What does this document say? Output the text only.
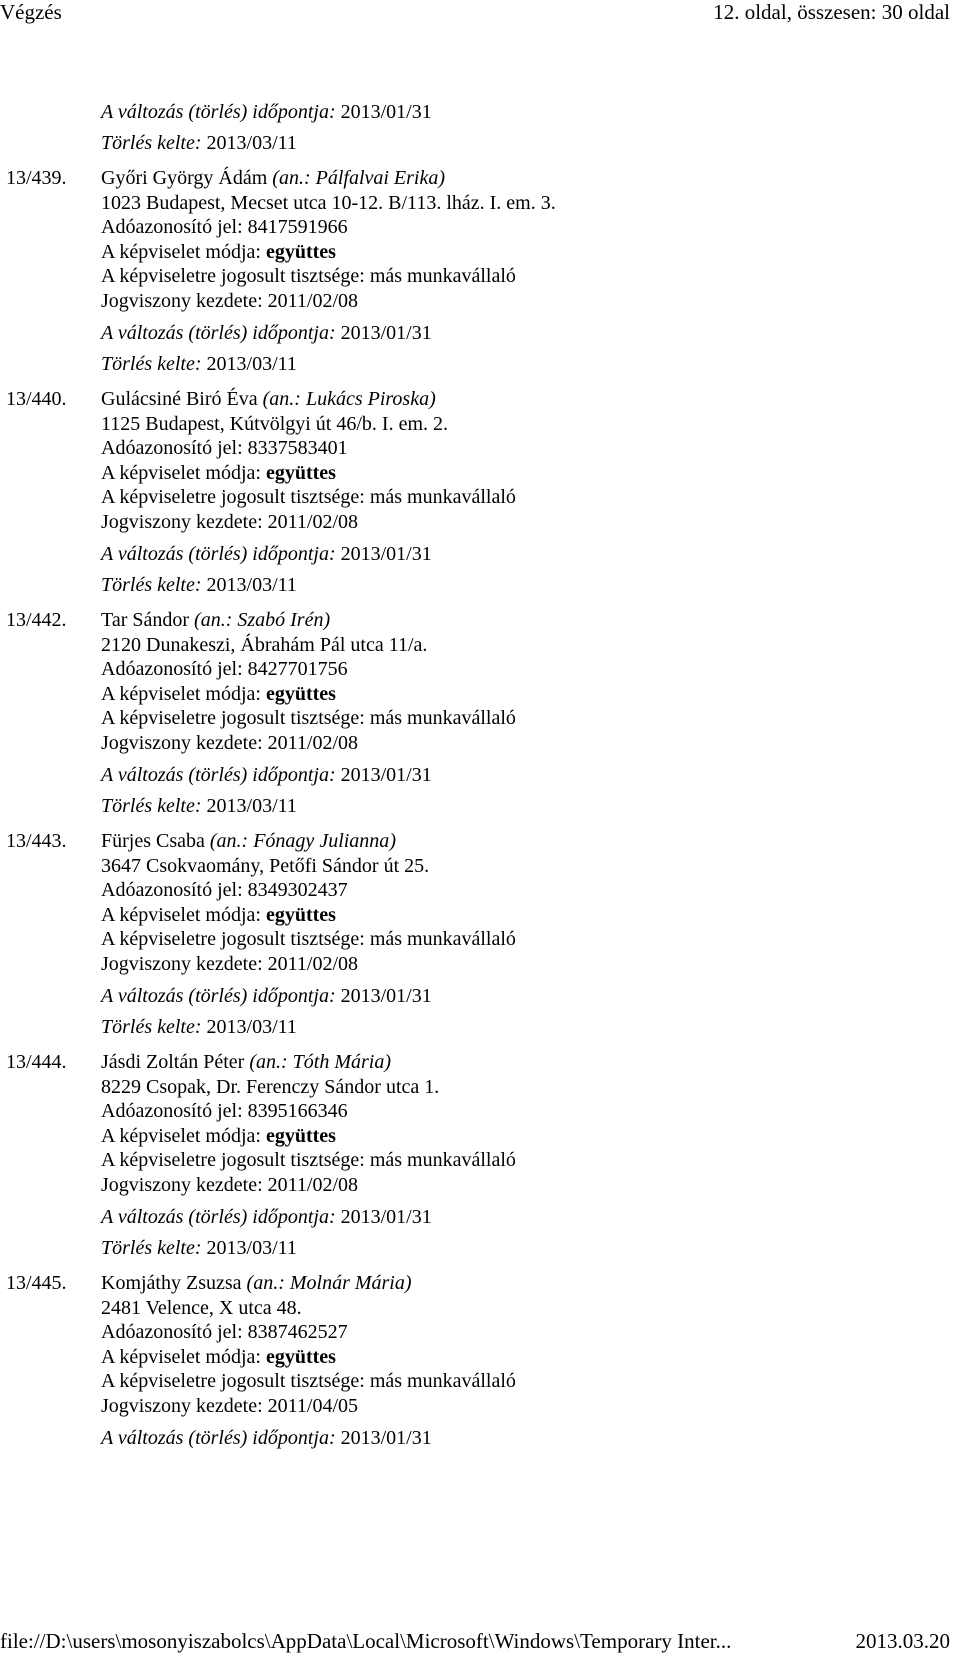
Végzés	12. oldal, összesen: 30 oldal
A változás (törlés) időpontja: 2013/01/31
Törlés kelte: 2013/03/11
13/439. Győri György Ádám (an.: Pálfalvai Erika)
1023 Budapest, Mecset utca 10-12. B/113. lház. I. em. 3.
Adóazonosító jel: 8417591966
A képviselet módja: együttes
A képviseletre jogosult tisztsége: más munkavállaló
Jogviszony kezdete: 2011/02/08
A változás (törlés) időpontja: 2013/01/31
Törlés kelte: 2013/03/11
13/440. Gulácsiné Biró Éva (an.: Lukács Piroska)
1125 Budapest, Kútvölgyi út 46/b. I. em. 2.
Adóazonosító jel: 8337583401
A képviselet módja: együttes
A képviseletre jogosult tisztsége: más munkavállaló
Jogviszony kezdete: 2011/02/08
A változás (törlés) időpontja: 2013/01/31
Törlés kelte: 2013/03/11
13/442. Tar Sándor (an.: Szabó Irén)
2120 Dunakeszi, Ábrahám Pál utca 11/a.
Adóazonosító jel: 8427701756
A képviselet módja: együttes
A képviseletre jogosult tisztsége: más munkavállaló
Jogviszony kezdete: 2011/02/08
A változás (törlés) időpontja: 2013/01/31
Törlés kelte: 2013/03/11
13/443. Fürjes Csaba (an.: Fónagy Julianna)
3647 Csokvaomány, Petőfi Sándor út 25.
Adóazonosító jel: 8349302437
A képviselet módja: együttes
A képviseletre jogosult tisztsége: más munkavállaló
Jogviszony kezdete: 2011/02/08
A változás (törlés) időpontja: 2013/01/31
Törlés kelte: 2013/03/11
13/444. Jásdi Zoltán Péter (an.: Tóth Mária)
8229 Csopak, Dr. Ferenczy Sándor utca 1.
Adóazonosító jel: 8395166346
A képviselet módja: együttes
A képviseletre jogosult tisztsége: más munkavállaló
Jogviszony kezdete: 2011/02/08
A változás (törlés) időpontja: 2013/01/31
Törlés kelte: 2013/03/11
13/445. Komjáthy Zsuzsa (an.: Molnár Mária)
2481 Velence, X utca 48.
Adóazonosító jel: 8387462527
A képviselet módja: együttes
A képviseletre jogosult tisztsége: más munkavállaló
Jogviszony kezdete: 2011/04/05
A változás (törlés) időpontja: 2013/01/31
file://D:\users\mosonyiszabolcs\AppData\Local\Microsoft\Windows\Temporary Inter...	2013.03.20
